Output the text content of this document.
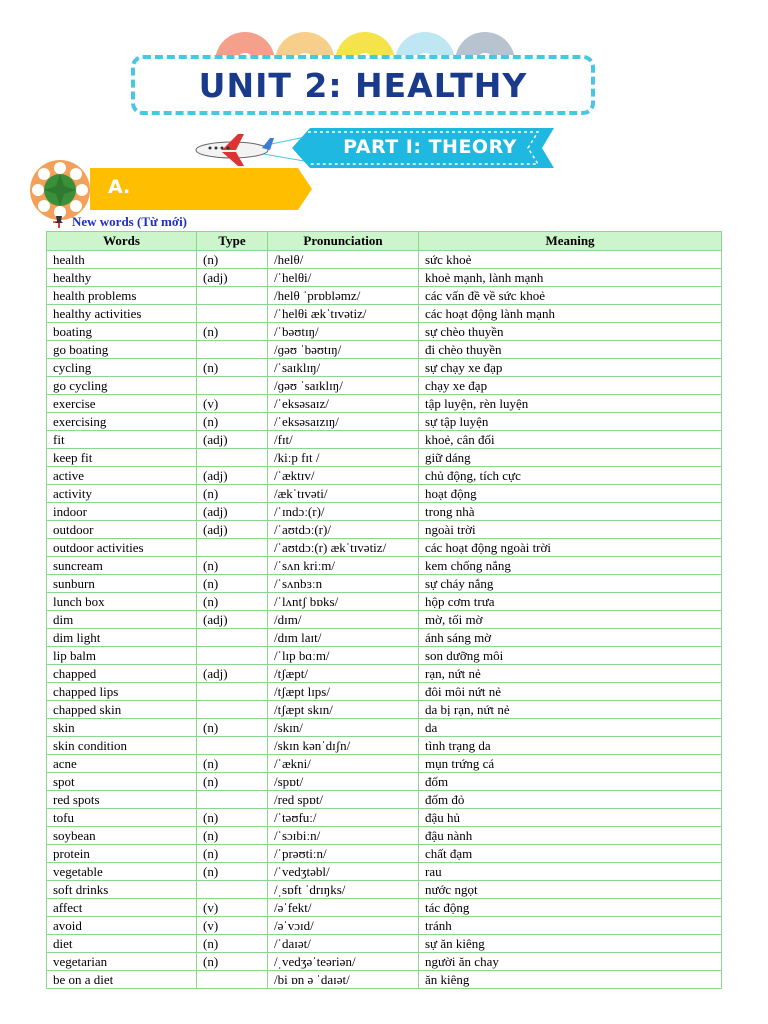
UNIT 2: HEALTHY
PART I: THEORY
A.
New words (Từ mới)
Words	Type	Pronunciation	Meaning
health	(n)	/helθ/	sức khoẻ
healthy	(adj)	/ˈhelθi/	khoẻ mạnh, lành mạnh
health problems		/helθ ˈprɒbləmz/	các vấn đề về sức khoẻ
healthy activities		/ˈhelθi ækˈtɪvətiz/	các hoạt động lành mạnh
boating	(n)	/ˈbəʊtɪŋ/	sự chèo thuyền
go boating		/ɡəʊ ˈbəʊtɪŋ/	đi chèo thuyền
cycling	(n)	/ˈsaɪklɪŋ/	sự chạy xe đạp
go cycling		/ɡəʊ ˈsaɪklɪŋ/	chạy xe đạp
exercise	(v)	/ˈeksəsaɪz/	tập luyện, rèn luyện
exercising	(n)	/ˈeksəsaɪzɪŋ/	sự tập luyện
fit	(adj)	/fɪt/	khoẻ, cân đối
keep fit		/kiːp fɪt /	giữ dáng
active	(adj)	/ˈæktɪv/	chủ động, tích cực
activity	(n)	/ækˈtɪvəti/	hoạt động
indoor	(adj)	/ˈɪndɔː(r)/	trong nhà
outdoor	(adj)	/ˈaʊtdɔː(r)/	ngoài trời
outdoor activities		/ˈaʊtdɔː(r) ækˈtɪvətiz/	các hoạt động ngoài trời
suncream	(n)	/ˈsʌn kriːm/	kem chống nắng
sunburn	(n)	/ˈsʌnbɜːn	sự cháy nắng
lunch box	(n)	/ˈlʌntʃ bɒks/	hộp cơm trưa
dim	(adj)	/dɪm/	mờ, tối mờ
dim light		/dɪm laɪt/	ánh sáng mờ
lip balm		/ˈlɪp bɑːm/	son dưỡng môi
chapped	(adj)	/tʃæpt/	rạn, nứt nẻ
chapped lips		/tʃæpt lɪps/	đôi môi nứt nẻ
chapped skin		/tʃæpt skɪn/	da bị rạn, nứt nẻ
skin	(n)	/skɪn/	da
skin condition		/skɪn kənˈdɪʃn/	tình trạng da
acne	(n)	/ˈækni/	mụn trứng cá
spot	(n)	/spɒt/	đốm
red spots		/red spɒt/	đốm đỏ
tofu	(n)	/ˈtəʊfuː/	đậu hủ
soybean	(n)	/ˈsɔɪbiːn/	đậu nành
protein	(n)	/ˈprəʊtiːn/	chất đạm
vegetable	(n)	/ˈvedʒtəbl/	rau
soft drinks		/ˌsɒft ˈdrɪŋks/	nước ngọt
affect	(v)	/əˈfekt/	tác động
avoid	(v)	/əˈvɔɪd/	tránh
diet	(n)	/ˈdaɪət/	sự ăn kiêng
vegetarian	(n)	/ˌvedʒəˈteəriən/	người ăn chay
be on a diet		/bi ɒn ə ˈdaɪət/	ăn kiêng
